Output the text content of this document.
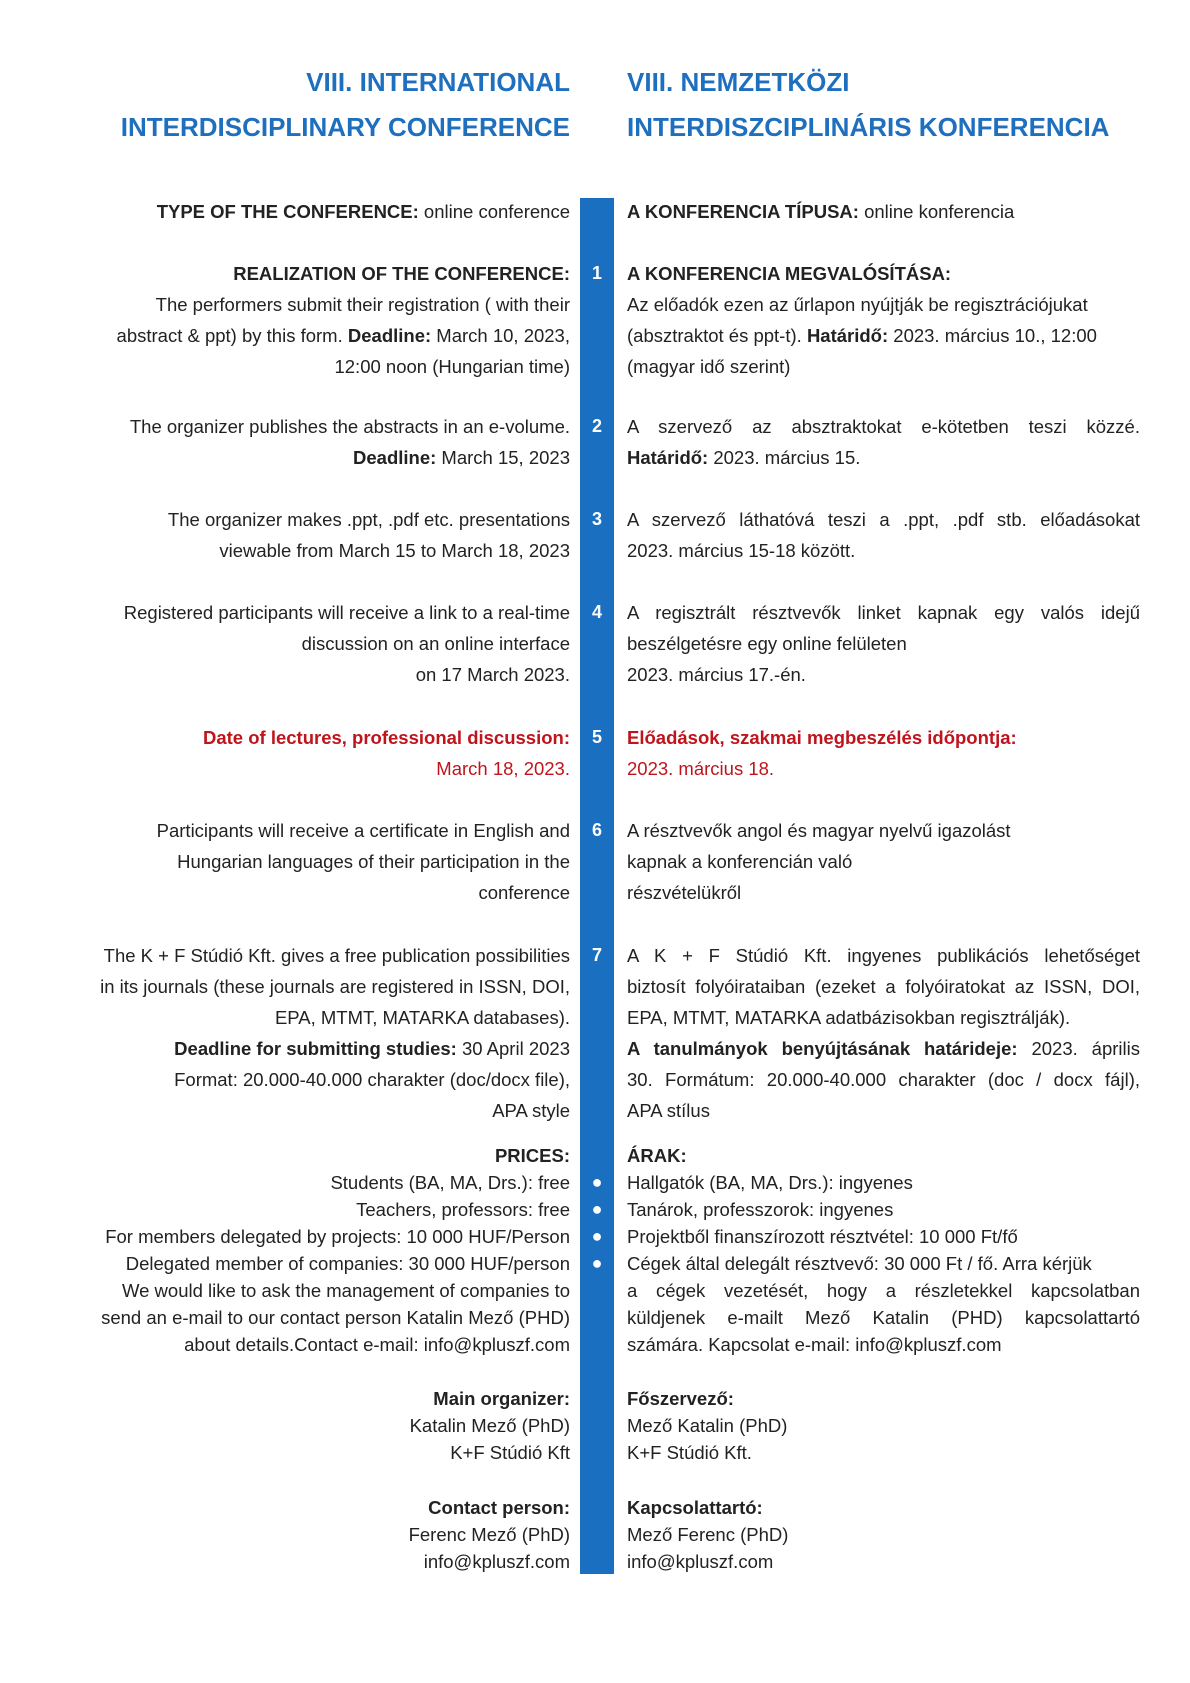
VIII. INTERNATIONAL
INTERDISCIPLINARY CONFERENCE
VIII. NEMZETKÖZI
INTERDISZCIPLINÁRIS KONFERENCIA
TYPE OF THE CONFERENCE: online conference	A KONFERENCIA TÍPUSA: online konferencia
1
REALIZATION OF THE CONFERENCE:
The performers submit their registration ( with their
abstract & ppt) by this form. Deadline: March 10, 2023,
12:00 noon (Hungarian time)
A KONFERENCIA MEGVALÓSÍTÁSA:
Az előadók ezen az űrlapon nyújtják be regisztrációjukat
(absztraktot és ppt-t). Határidő: 2023. március 10., 12:00
(magyar idő szerint)
2
The organizer publishes the abstracts in an e-volume.
Deadline: March 15, 2023
A szervező az absztraktokat e-kötetben teszi közzé.
Határidő: 2023. március 15.
3
The organizer makes .ppt, .pdf etc. presentations
viewable from March 15 to March 18, 2023
A szervező láthatóvá teszi a .ppt, .pdf stb. előadásokat
2023. március 15-18 között.
4
Registered participants will receive a link to a real-time
discussion on an online interface
on 17 March 2023.
A regisztrált résztvevők linket kapnak egy valós idejű
beszélgetésre egy online felületen
2023. március 17.-én.
5
Date of lectures, professional discussion:
March 18, 2023.
Előadások, szakmai megbeszélés időpontja:
2023. március 18.
6
Participants will receive a certificate in English and
Hungarian languages of their participation in the
conference
A résztvevők angol és magyar nyelvű igazolást
kapnak a konferencián való
részvételükről
7
The K + F Stúdió Kft. gives a free publication possibilities
in its journals (these journals are registered in ISSN, DOI,
EPA, MTMT, MATARKA databases).
Deadline for submitting studies: 30 April 2023
Format: 20.000-40.000 charakter (doc/docx file),
APA style
A K + F Stúdió Kft. ingyenes publikációs lehetőséget
biztosít folyóirataiban (ezeket a folyóiratokat az ISSN, DOI,
EPA, MTMT, MATARKA adatbázisokban regisztrálják).
A tanulmányok benyújtásának határideje: 2023. április
30. Formátum: 20.000-40.000 charakter (doc / docx fájl),
APA stílus
●
●
●
●
PRICES:
Students (BA, MA, Drs.): free
Teachers, professors: free
For members delegated by projects: 10 000 HUF/Person
Delegated member of companies: 30 000 HUF/person
We would like to ask the management of companies to
send an e-mail to our contact person Katalin Mező (PHD)
about details.Contact e-mail: info@kpluszf.com
ÁRAK:
Hallgatók (BA, MA, Drs.): ingyenes
Tanárok, professzorok: ingyenes
Projektből finanszírozott résztvétel: 10 000 Ft/fő
Cégek által delegált résztvevő: 30 000 Ft / fő. Arra kérjük
a cégek vezetését, hogy a részletekkel kapcsolatban
küldjenek e-mailt Mező Katalin (PHD) kapcsolattartó
számára. Kapcsolat e-mail: info@kpluszf.com
Main organizer:
Katalin Mező (PhD)
K+F Stúdió Kft
Főszervező:
Mező Katalin (PhD)
K+F Stúdió Kft.
Contact person:
Ferenc Mező (PhD)
info@kpluszf.com
Kapcsolattartó:
Mező Ferenc (PhD)
info@kpluszf.com
